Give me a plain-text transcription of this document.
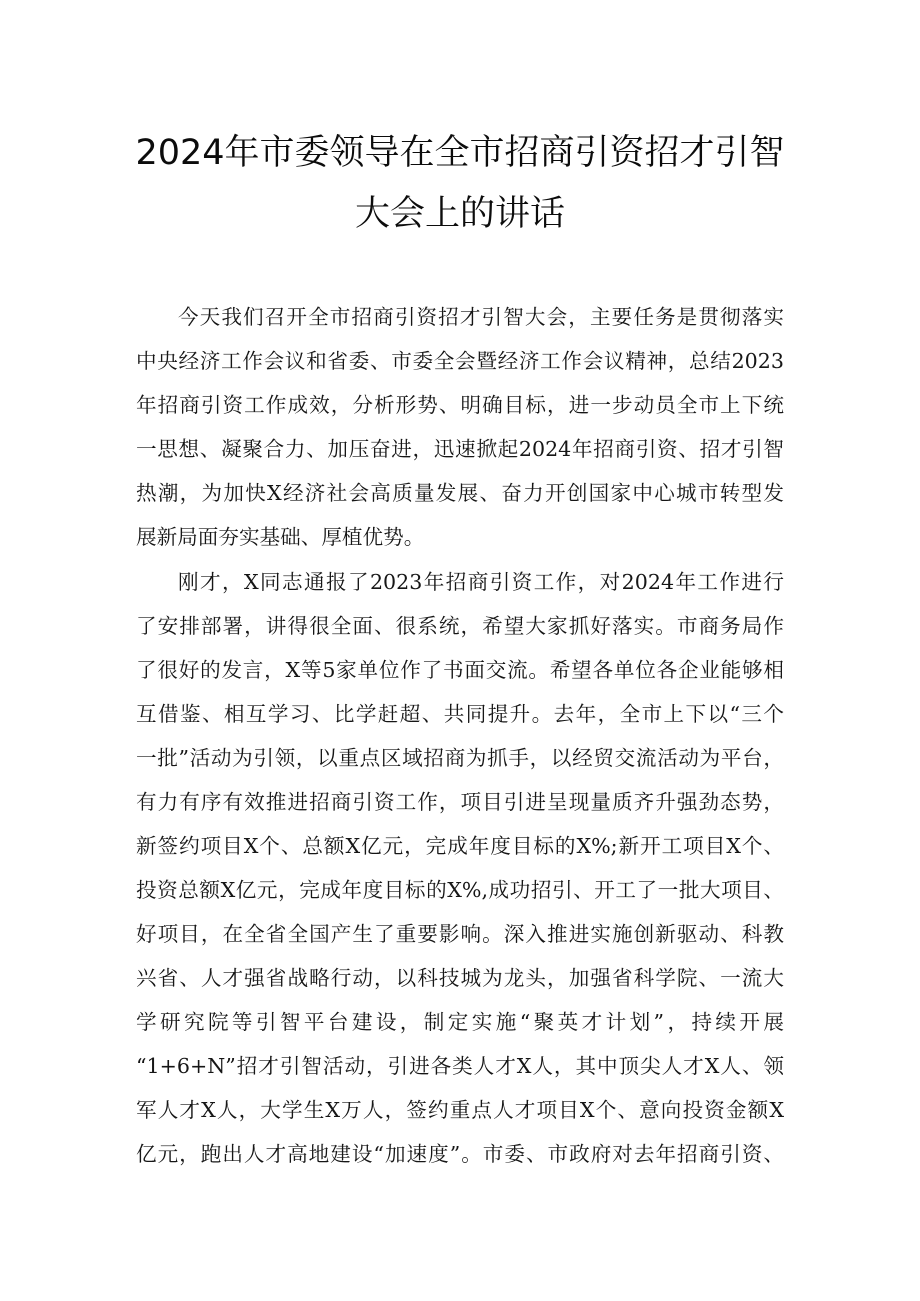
2024年市委领导在全市招商引资招才引智
大会上的讲话
今天我们召开全市招商引资招才引智大会，主要任务是贯彻落实
中央经济工作会议和省委、市委全会暨经济工作会议精神，总结2023
年招商引资工作成效，分析形势、明确目标，进一步动员全市上下统
一思想、凝聚合力、加压奋进，迅速掀起2024年招商引资、招才引智
热潮，为加快X经济社会高质量发展、奋力开创国家中心城市转型发
展新局面夯实基础、厚植优势。
刚才，X同志通报了2023年招商引资工作，对2024年工作进行
了安排部署，讲得很全面、很系统，希望大家抓好落实。市商务局作
了很好的发言，X等5家单位作了书面交流。希望各单位各企业能够相
互借鉴、相互学习、比学赶超、共同提升。去年，全市上下以“三个
一批”活动为引领，以重点区域招商为抓手，以经贸交流活动为平台，
有力有序有效推进招商引资工作，项目引进呈现量质齐升强劲态势，
新签约项目X个、总额X亿元，完成年度目标的X%;新开工项目X个、
投资总额X亿元，完成年度目标的X%,成功招引、开工了一批大项目、
好项目，在全省全国产生了重要影响。深入推进实施创新驱动、科教
兴省、人才强省战略行动，以科技城为龙头，加强省科学院、一流大
学研究院等引智平台建设，制定实施“聚英才计划”，持续开展
“1+6+N”招才引智活动，引进各类人才X人，其中顶尖人才X人、领
军人才X人，大学生X万人，签约重点人才项目X个、意向投资金额X
亿元，跑出人才高地建设“加速度”。市委、市政府对去年招商引资、
